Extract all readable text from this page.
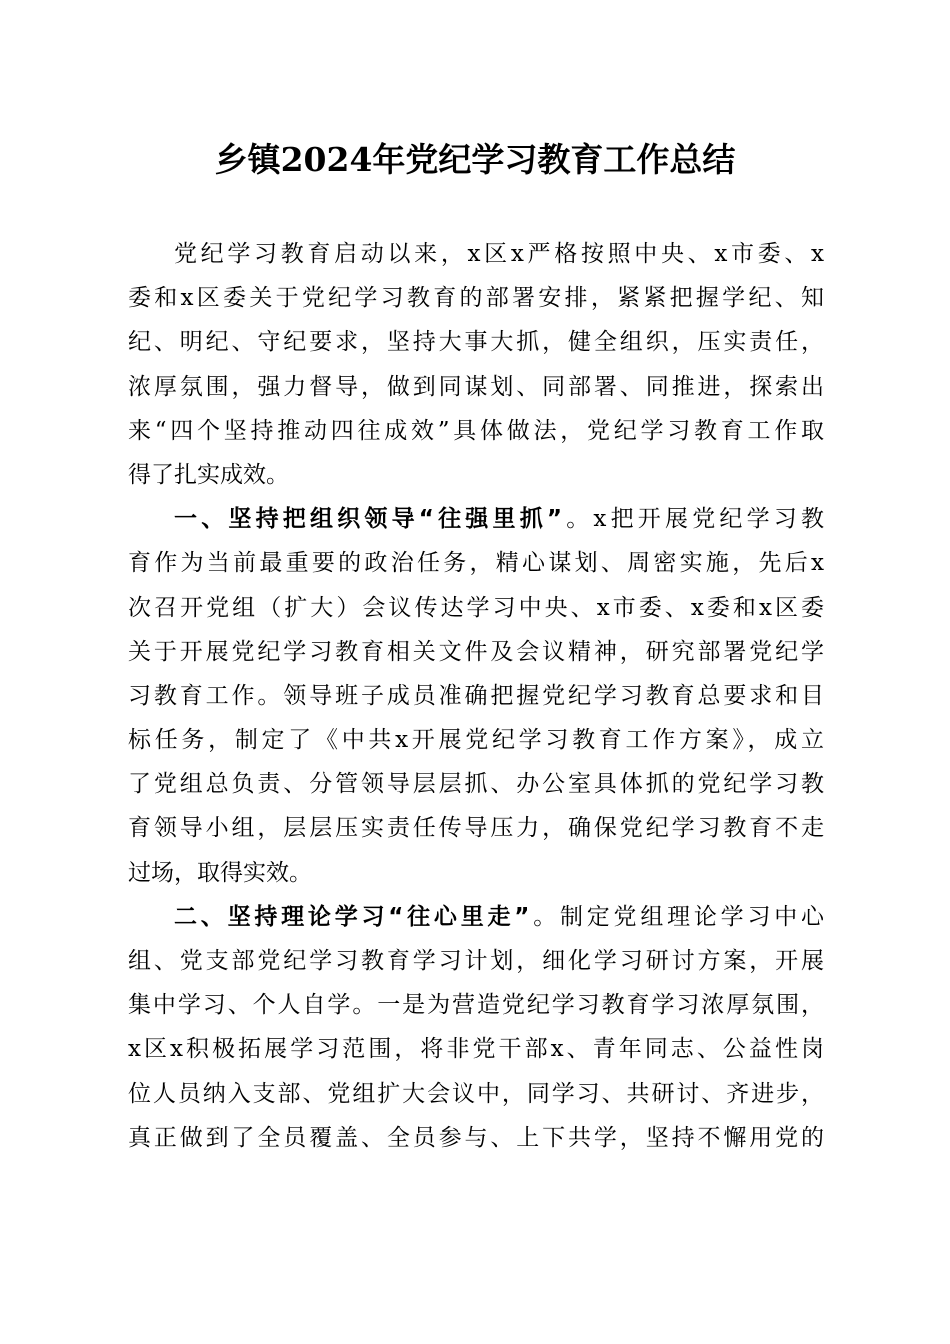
乡镇2024年党纪学习教育工作总结
党纪学习教育启动以来，x区x严格按照中央、x市委、x
委和x区委关于党纪学习教育的部署安排，紧紧把握学纪、知
纪、明纪、守纪要求，坚持大事大抓，健全组织，压实责任，
浓厚氛围，强力督导，做到同谋划、同部署、同推进，探索出
来“四个坚持推动四往成效”具体做法，党纪学习教育工作取
得了扎实成效。
一、坚持把组织领导“往强里抓”。x把开展党纪学习教
育作为当前最重要的政治任务，精心谋划、周密实施，先后x
次召开党组（扩大）会议传达学习中央、x市委、x委和x区委
关于开展党纪学习教育相关文件及会议精神，研究部署党纪学
习教育工作。领导班子成员准确把握党纪学习教育总要求和目
标任务，制定了《中共x开展党纪学习教育工作方案》，成立
了党组总负责、分管领导层层抓、办公室具体抓的党纪学习教
育领导小组，层层压实责任传导压力，确保党纪学习教育不走
过场，取得实效。
二、坚持理论学习“往心里走”。制定党组理论学习中心
组、党支部党纪学习教育学习计划，细化学习研讨方案，开展
集中学习、个人自学。一是为营造党纪学习教育学习浓厚氛围，
x区x积极拓展学习范围，将非党干部x、青年同志、公益性岗
位人员纳入支部、党组扩大会议中，同学习、共研讨、齐进步，
真正做到了全员覆盖、全员参与、上下共学，坚持不懈用党的
